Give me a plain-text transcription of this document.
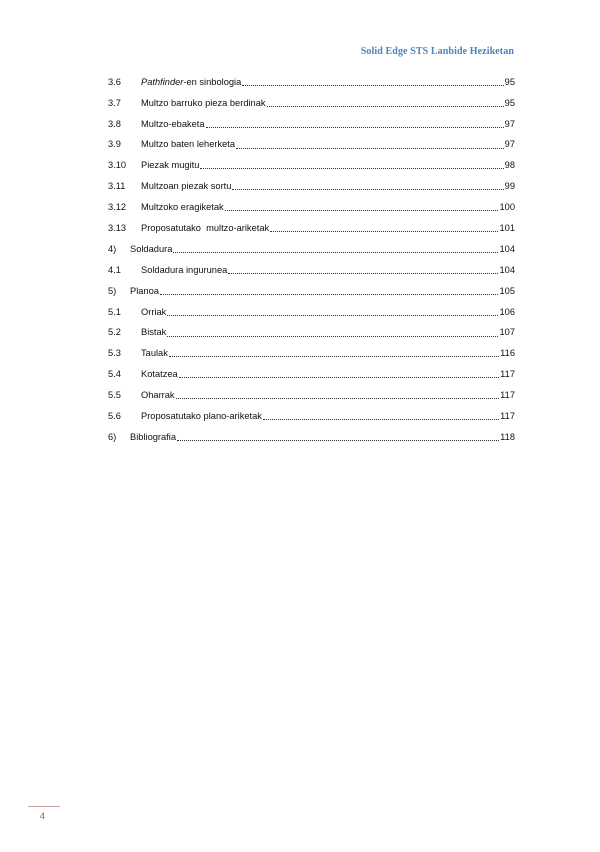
Solid Edge STS Lanbide Heziketan
3.6	Pathfinder-en sinbologia	95
3.7	Multzo barruko pieza berdinak	95
3.8	Multzo-ebaketa	97
3.9	Multzo baten leherketa	97
3.10	Piezak mugitu	98
3.11	Multzoan piezak sortu	99
3.12	Multzoko eragiketak	100
3.13	Proposatutako  multzo-ariketak	101
4)	Soldadura	104
4.1	Soldadura ingurunea	104
5)	Planoa	105
5.1	Orriak	106
5.2	Bistak	107
5.3	Taulak	116
5.4	Kotatzea	117
5.5	Oharrak	117
5.6	Proposatutako plano-ariketak	117
6)	Bibliografia	118
4
